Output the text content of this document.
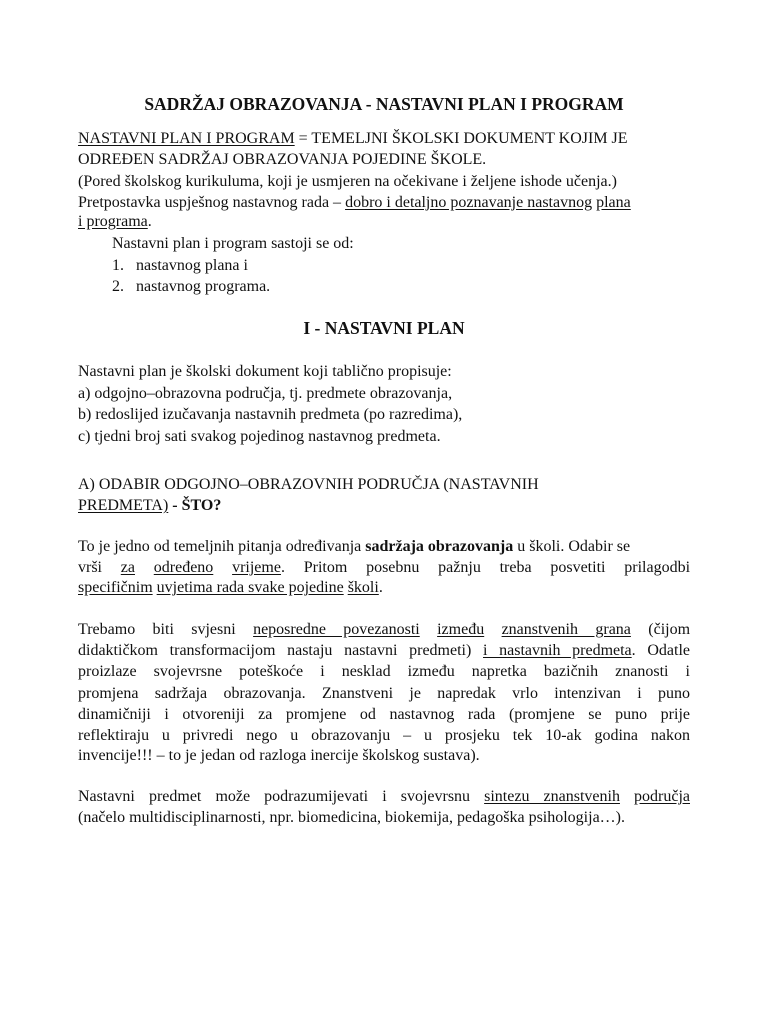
SADRŽAJ OBRAZOVANJA - NASTAVNI PLAN I PROGRAM
NASTAVNI PLAN I PROGRAM = TEMELJNI ŠKOLSKI DOKUMENT KOJIM JE
ODREĐEN SADRŽAJ OBRAZOVANJA POJEDINE ŠKOLE.
(Pored školskog kurikuluma, koji je usmjeren na očekivane i željene ishode učenja.)
Pretpostavka uspješnog nastavnog rada – dobro i detaljno poznavanje nastavnog plana
i programa.
Nastavni plan i program sastoji se od:
1. nastavnog plana i
2. nastavnog programa.
I - NASTAVNI PLAN
Nastavni plan je školski dokument koji tablično propisuje:
a) odgojno–obrazovna područja, tj. predmete obrazovanja,
b) redoslijed izučavanja nastavnih predmeta (po razredima),
c) tjedni broj sati svakog pojedinog nastavnog predmeta.
A) ODABIR ODGOJNO–OBRAZOVNIH PODRUČJA (NASTAVNIH
PREDMETA) - ŠTO?
To je jedno od temeljnih pitanja određivanja sadržaja obrazovanja u školi. Odabir se
vrši za određeno vrijeme. Pritom posebnu pažnju treba posvetiti prilagodbi
specifičnim uvjetima rada svake pojedine školi.
Trebamo biti svjesni neposredne povezanosti između znanstvenih grana (čijom
didaktičkom transformacijom nastaju nastavni predmeti) i nastavnih predmeta. Odatle
proizlaze svojevrsne poteškoće i nesklad između napretka bazičnih znanosti i
promjena sadržaja obrazovanja. Znanstveni je napredak vrlo intenzivan i puno
dinamičniji i otvoreniji za promjene od nastavnog rada (promjene se puno prije
reflektiraju u privredi nego u obrazovanju – u prosjeku tek 10-ak godina nakon
invencije!!! – to je jedan od razloga inercije školskog sustava).
Nastavni predmet može podrazumijevati i svojevrsnu sintezu znanstvenih područja
(načelo multidisciplinarnosti, npr. biomedicina, biokemija, pedagoška psihologija…).
